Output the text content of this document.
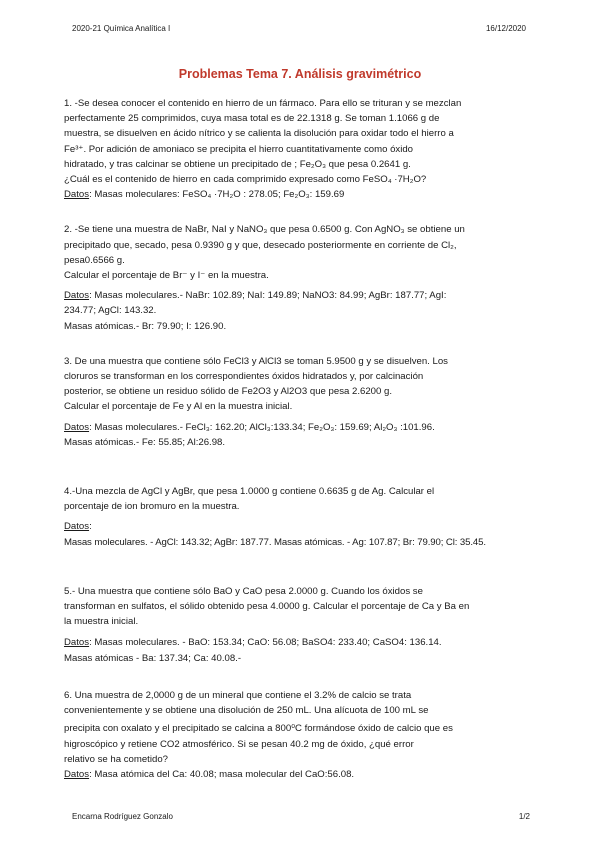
2020-21 Química Analítica I	16/12/2020
Problemas Tema 7. Análisis gravimétrico

1. -Se desea conocer el contenido en hierro de un fármaco. Para ello se trituran y se mezclan

perfectamente 25 comprimidos, cuya masa total es de 22.1318 g. Se toman 1.1066 g de

muestra, se disuelven en ácido nítrico y se calienta la disolución para oxidar todo el hierro a

Fe³⁺. Por adición de amoniaco se precipita el hierro cuantitativamente como óxido

hidratado, y tras calcinar se obtiene un precipitado de ; Fe₂O₃ que pesa 0.2641 g.

¿Cuál es el contenido de hierro en cada comprimido expresado como FeSO₄ ·7H₂O?

Datos: Masas moleculares: FeSO₄ ·7H₂O : 278.05; Fe₂O₃: 159.69

2. -Se tiene una muestra de NaBr, NaI y NaNO₃ que pesa 0.6500 g. Con AgNO₃ se obtiene un

precipitado que, secado, pesa 0.9390 g y que, desecado posteriormente en corriente de Cl₂,

pesa0.6566 g.

Calcular el porcentaje de Br⁻ y I⁻ en la muestra.

Datos: Masas moleculares.- NaBr: 102.89; NaI: 149.89; NaNO3: 84.99; AgBr: 187.77; AgI:

234.77; AgCl: 143.32.

Masas atómicas.- Br: 79.90; I: 126.90.

3. De una muestra que contiene sólo FeCl3 y AlCl3 se toman 5.9500 g y se disuelven. Los

cloruros se transforman en los correspondientes óxidos hidratados y, por calcinación

posterior, se obtiene un residuo sólido de Fe2O3 y Al2O3 que pesa 2.6200 g.

Calcular el porcentaje de Fe y Al en la muestra inicial.

Datos: Masas moleculares.- FeCl₃: 162.20; AlCl₃:133.34; Fe₂O₃: 159.69; Al₂O₃ :101.96.

Masas atómicas.- Fe: 55.85; Al:26.98.

4.-Una mezcla de AgCl y AgBr, que pesa 1.0000 g contiene 0.6635 g de Ag. Calcular el

porcentaje de ion bromuro en la muestra.

Datos:

Masas moleculares. - AgCl: 143.32; AgBr: 187.77. Masas atómicas. - Ag: 107.87; Br: 79.90; Cl: 35.45.

5.- Una muestra que contiene sólo BaO y CaO pesa 2.0000 g. Cuando los óxidos se

transforman en sulfatos, el sólido obtenido pesa 4.0000 g. Calcular el porcentaje de Ca y Ba en

la muestra inicial.

Datos: Masas moleculares. - BaO: 153.34; CaO: 56.08; BaSO4: 233.40; CaSO4: 136.14.

Masas atómicas - Ba: 137.34; Ca: 40.08.-

6. Una muestra de 2,0000 g de un mineral que contiene el 3.2% de calcio se trata

convenientemente y se obtiene una disolución de 250 mL. Una alícuota de 100 mL se

precipita con oxalato y el precipitado se calcina a 800⁰C formándose óxido de calcio que es

higroscópico y retiene CO2 atmosférico. Si se pesan 40.2 mg de óxido, ¿qué error

relativo se ha cometido?

Datos: Masa atómica del Ca: 40.08; masa molecular del CaO:56.08.

Encarna Rodríguez Gonzalo	1/2
